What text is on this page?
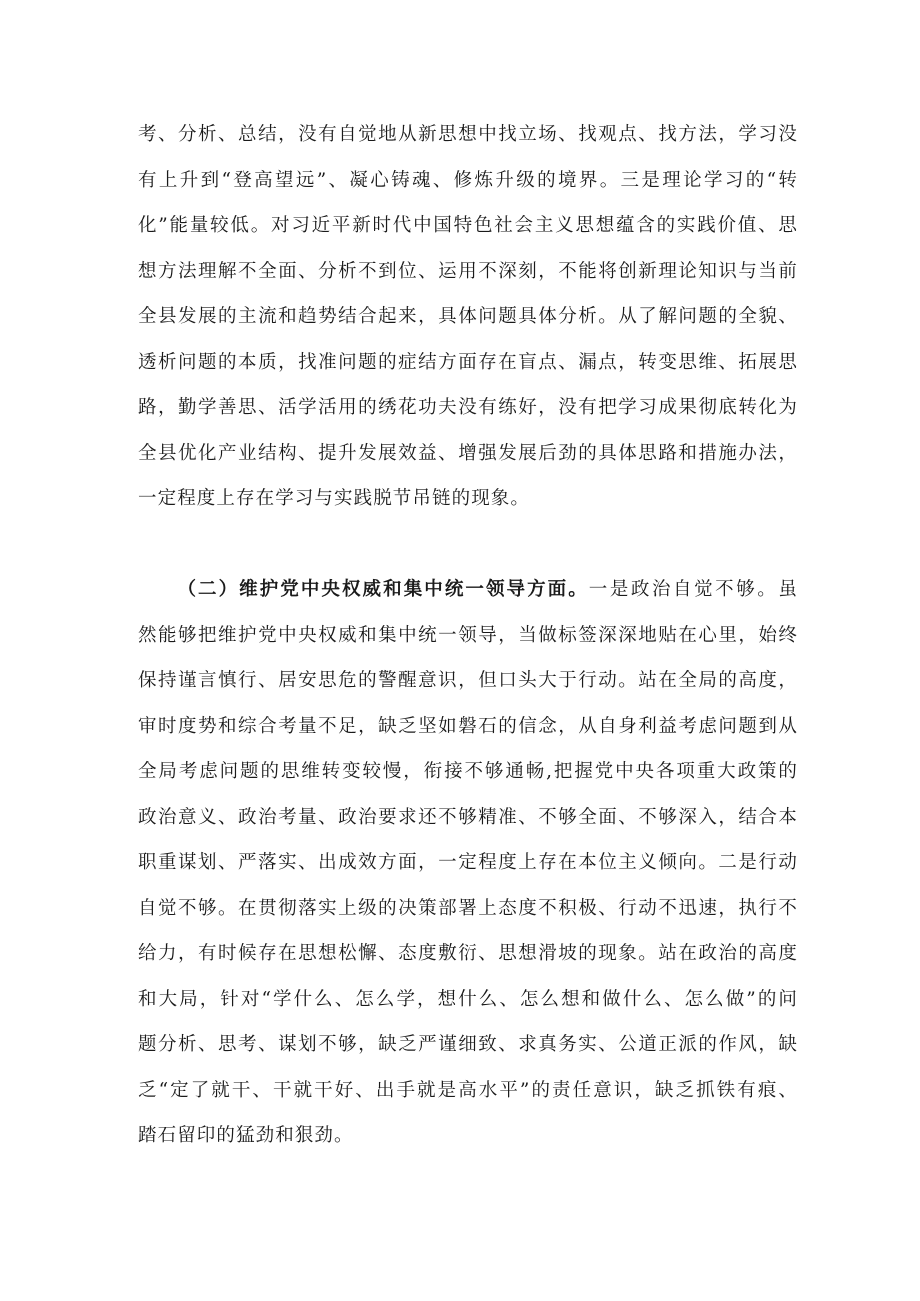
考、分析、总结，没有自觉地从新思想中找立场、找观点、找方法，学习没
有上升到“登高望远”、凝心铸魂、修炼升级的境界。三是理论学习的“转
化”能量较低。对习近平新时代中国特色社会主义思想蕴含的实践价值、思
想方法理解不全面、分析不到位、运用不深刻，不能将创新理论知识与当前
全县发展的主流和趋势结合起来，具体问题具体分析。从了解问题的全貌、
透析问题的本质，找准问题的症结方面存在盲点、漏点，转变思维、拓展思
路，勤学善思、活学活用的绣花功夫没有练好，没有把学习成果彻底转化为
全县优化产业结构、提升发展效益、增强发展后劲的具体思路和措施办法，
一定程度上存在学习与实践脱节吊链的现象。
（二）维护党中央权威和集中统一领导方面。一是政治自觉不够。虽
然能够把维护党中央权威和集中统一领导，当做标签深深地贴在心里，始终
保持谨言慎行、居安思危的警醒意识，但口头大于行动。站在全局的高度，
审时度势和综合考量不足，缺乏坚如磐石的信念，从自身利益考虑问题到从
全局考虑问题的思维转变较慢，衔接不够通畅,把握党中央各项重大政策的
政治意义、政治考量、政治要求还不够精准、不够全面、不够深入，结合本
职重谋划、严落实、出成效方面，一定程度上存在本位主义倾向。二是行动
自觉不够。在贯彻落实上级的决策部署上态度不积极、行动不迅速，执行不
给力，有时候存在思想松懈、态度敷衍、思想滑坡的现象。站在政治的高度
和大局，针对“学什么、怎么学，想什么、怎么想和做什么、怎么做”的问
题分析、思考、谋划不够，缺乏严谨细致、求真务实、公道正派的作风，缺
乏“定了就干、干就干好、出手就是高水平”的责任意识，缺乏抓铁有痕、
踏石留印的猛劲和狠劲。
